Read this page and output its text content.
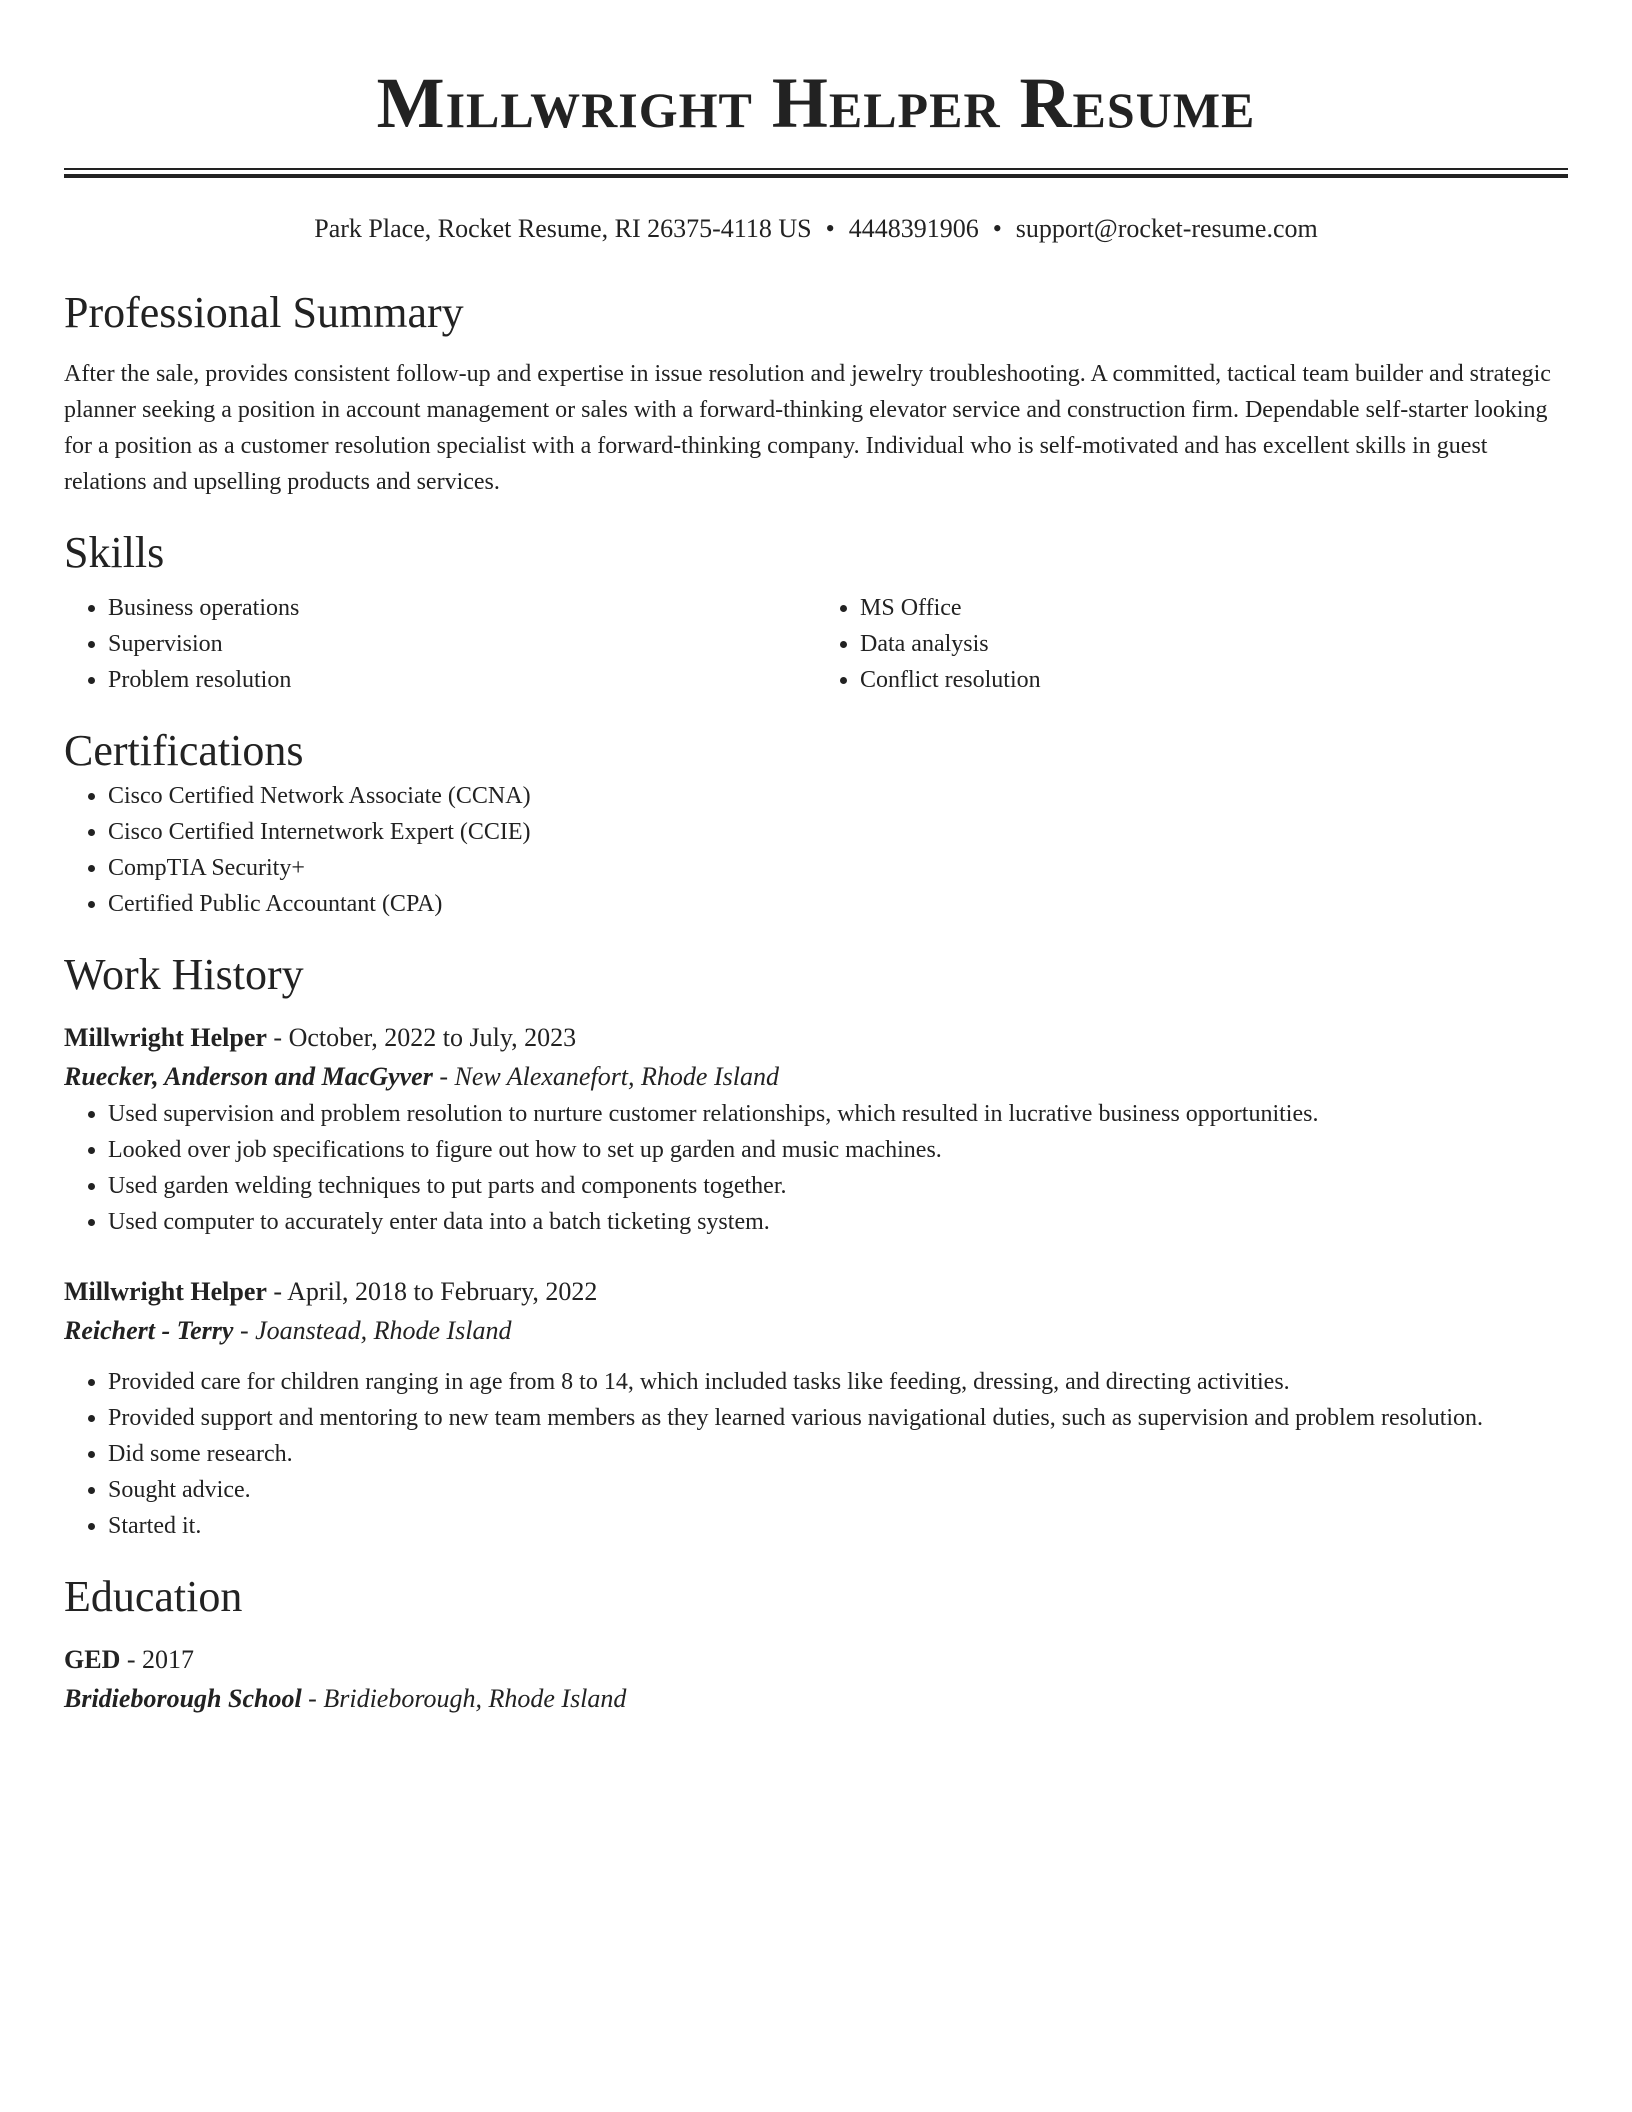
Millwright Helper Resume
Park Place, Rocket Resume, RI 26375-4118 US • 4448391906 • support@rocket-resume.com
Professional Summary

After the sale, provides consistent follow-up and expertise in issue resolution and jewelry troubleshooting. A committed, tactical team builder and strategic planner seeking a position in account management or sales with a forward-thinking elevator service and construction firm. Dependable self-starter looking for a position as a customer resolution specialist with a forward-thinking company. Individual who is self-motivated and has excellent skills in guest relations and upselling products and services.

Skills
• Business operations
• Supervision
• Problem resolution
• MS Office
• Data analysis
• Conflict resolution
Certifications
• Cisco Certified Network Associate (CCNA)
• Cisco Certified Internetwork Expert (CCIE)
• CompTIA Security+
• Certified Public Accountant (CPA)
Work History
Millwright Helper - October, 2022 to July, 2023
Ruecker, Anderson and MacGyver - New Alexanefort, Rhode Island
• Used supervision and problem resolution to nurture customer relationships, which resulted in lucrative business opportunities.
• Looked over job specifications to figure out how to set up garden and music machines.
• Used garden welding techniques to put parts and components together.
• Used computer to accurately enter data into a batch ticketing system.
Millwright Helper - April, 2018 to February, 2022
Reichert - Terry - Joanstead, Rhode Island
• Provided care for children ranging in age from 8 to 14, which included tasks like feeding, dressing, and directing activities.
• Provided support and mentoring to new team members as they learned various navigational duties, such as supervision and problem resolution.
• Did some research.
• Sought advice.
• Started it.
Education
GED - 2017
Bridieborough School - Bridieborough, Rhode Island
